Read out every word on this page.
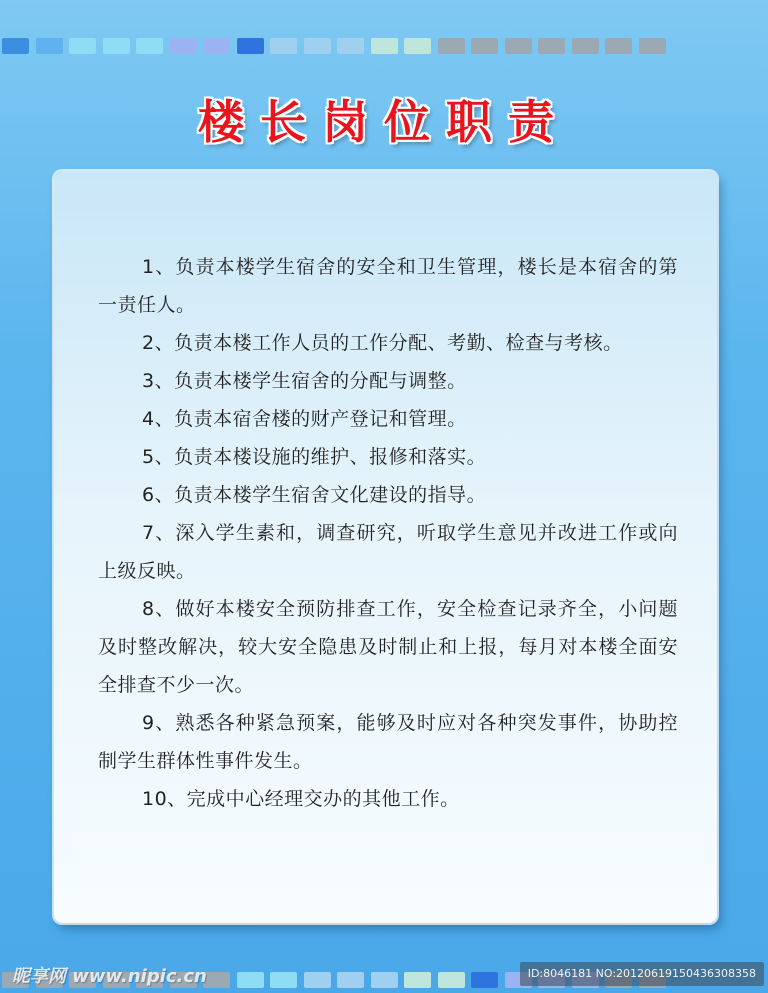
楼长岗位职责

1、负责本楼学生宿舍的安全和卫生管理，楼长是本宿舍的第一责任人。

2、负责本楼工作人员的工作分配、考勤、检查与考核。

3、负责本楼学生宿舍的分配与调整。

4、负责本宿舍楼的财产登记和管理。

5、负责本楼设施的维护、报修和落实。

6、负责本楼学生宿舍文化建设的指导。

7、深入学生素和，调查研究，听取学生意见并改进工作或向上级反映。

8、做好本楼安全预防排查工作，安全检查记录齐全，小问题及时整改解决，较大安全隐患及时制止和上报，每月对本楼全面安全排查不少一次。

9、熟悉各种紧急预案，能够及时应对各种突发事件，协助控制学生群体性事件发生。

10、完成中心经理交办的其他工作。

昵享网 www.nipic.cn	ID:8046181 NO:20120619150436308358
